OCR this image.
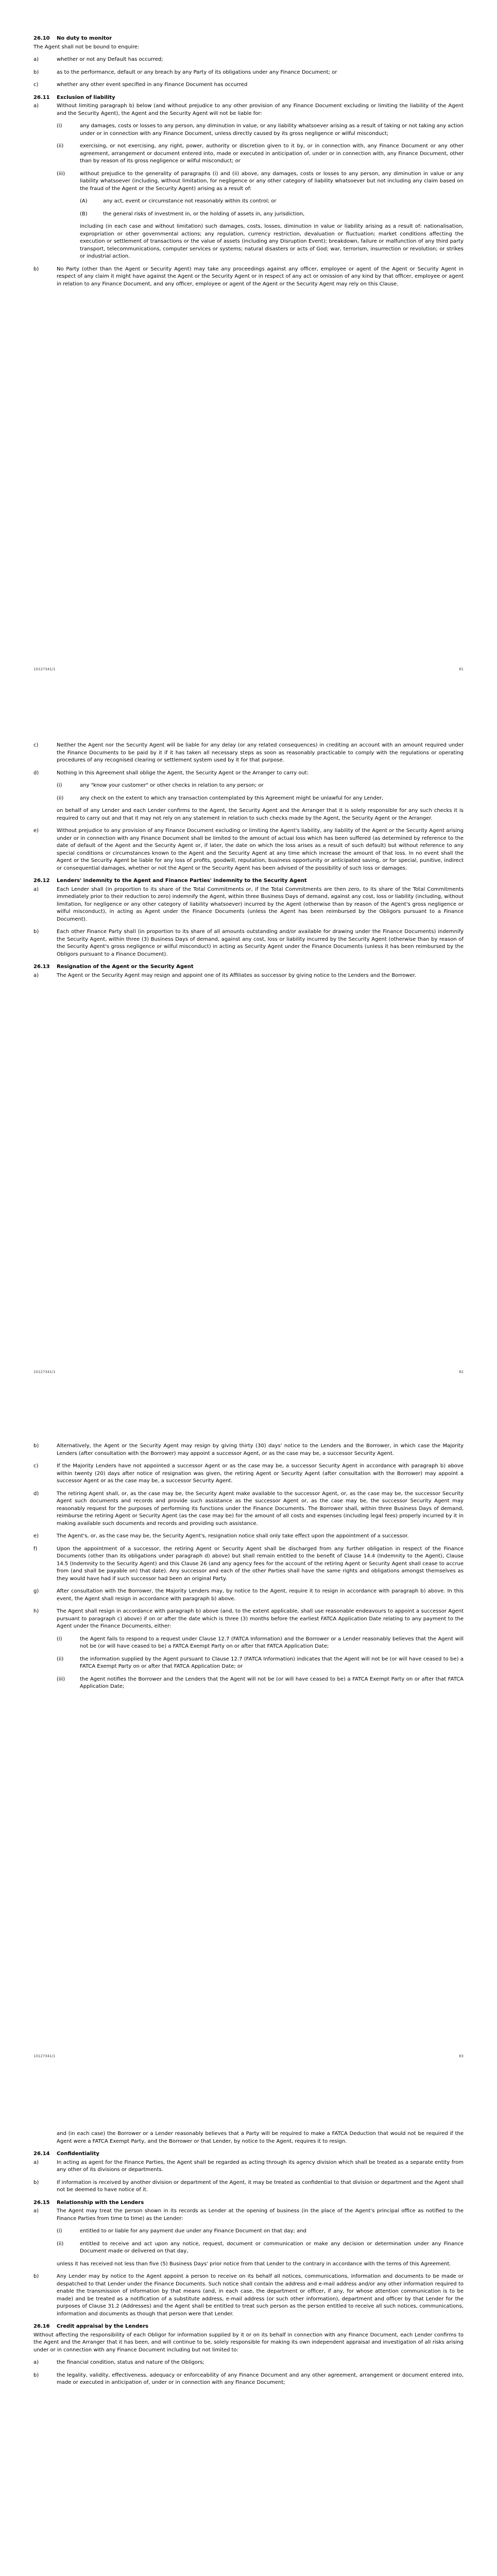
26.10	No duty to monitor
The Agent shall not be bound to enquire:
a)	whether or not any Default has occurred;
b)	as to the performance, default or any breach by any Party of its obligations under any Finance Document; or
c)	whether any other event specified in any Finance Document has occurred
26.11	Exclusion of liability
a)	Without limiting paragraph b) below (and without prejudice to any other provision of any Finance Document excluding or limiting the liability of the Agent and the Security Agent), the Agent and the Security Agent will not be liable for:
(i)	any damages, costs or losses to any person, any diminution in value, or any liability whatsoever arising as a result of taking or not taking any action under or in connection with any Finance Document, unless directly caused by its gross negligence or wilful misconduct;
(ii)	exercising, or not exercising, any right, power, authority or discretion given to it by, or in connection with, any Finance Document or any other agreement, arrangement or document entered into, made or executed in anticipation of, under or in connection with, any Finance Document, other than by reason of its gross negligence or wilful misconduct; or
(iii)	without prejudice to the generality of paragraphs (i) and (ii) above, any damages, costs or losses to any person, any diminution in value or any liability whatsoever (including, without limitation, for negligence or any other category of liability whatsoever but not including any claim based on the fraud of the Agent or the Security Agent) arising as a result of:
(A)	any act, event or circumstance not reasonably within its control; or
(B)	the general risks of investment in, or the holding of assets in, any jurisdiction,
including (in each case and without limitation) such damages, costs, losses, diminution in value or liability arising as a result of: nationalisation, expropriation or other governmental actions; any regulation, currency restriction, devaluation or fluctuation; market conditions affecting the execution or settlement of transactions or the value of assets (including any Disruption Event); breakdown, failure or malfunction of any third party transport, telecommunications, computer services or systems; natural disasters or acts of God; war, terrorism, insurrection or revolution; or strikes or industrial action.
b)	No Party (other than the Agent or Security Agent) may take any proceedings against any officer, employee or agent of the Agent or Security Agent in respect of any claim it might have against the Agent or the Security Agent or in respect of any act or omission of any kind by that officer, employee or agent in relation to any Finance Document, and any officer, employee or agent of the Agent or the Security Agent may rely on this Clause.
10127341/1	81
c)	Neither the Agent nor the Security Agent will be liable for any delay (or any related consequences) in crediting an account with an amount required under the Finance Documents to be paid by it if it has taken all necessary steps as soon as reasonably practicable to comply with the regulations or operating procedures of any recognised clearing or settlement system used by it for that purpose.
d)	Nothing in this Agreement shall oblige the Agent, the Security Agent or the Arranger to carry out:
(i)	any "know your customer" or other checks in relation to any person; or
(ii)	any check on the extent to which any transaction contemplated by this Agreement might be unlawful for any Lender,
on behalf of any Lender and each Lender confirms to the Agent, the Security Agent and the Arranger that it is solely responsible for any such checks it is required to carry out and that it may not rely on any statement in relation to such checks made by the Agent, the Security Agent or the Arranger.
e)	Without prejudice to any provision of any Finance Document excluding or limiting the Agent's liability, any liability of the Agent or the Security Agent arising under or in connection with any Finance Document shall be limited to the amount of actual loss which has been suffered (as determined by reference to the date of default of the Agent and the Security Agent or, if later, the date on which the loss arises as a result of such default) but without reference to any special conditions or circumstances known to the Agent and the Security Agent at any time which increase the amount of that loss. In no event shall the Agent or the Security Agent be liable for any loss of profits, goodwill, reputation, business opportunity or anticipated saving, or for special, punitive, indirect or consequential damages, whether or not the Agent or the Security Agent has been advised of the possibility of such loss or damages.
26.12	Lenders' indemnity to the Agent and Finance Parties' indemnity to the Security Agent
a)	Each Lender shall (in proportion to its share of the Total Commitments or, if the Total Commitments are then zero, to its share of the Total Commitments immediately prior to their reduction to zero) indemnify the Agent, within three Business Days of demand, against any cost, loss or liability (including, without limitation, for negligence or any other category of liability whatsoever) incurred by the Agent (otherwise than by reason of the Agent's gross negligence or wilful misconduct), in acting as Agent under the Finance Documents (unless the Agent has been reimbursed by the Obligors pursuant to a Finance Document).
b)	Each other Finance Party shall (in proportion to its share of all amounts outstanding and/or available for drawing under the Finance Documents) indemnify the Security Agent, within three (3) Business Days of demand, against any cost, loss or liability incurred by the Security Agent (otherwise than by reason of the Security Agent's gross negligence or wilful misconduct) in acting as Security Agent under the Finance Documents (unless it has been reimbursed by the Obligors pursuant to a Finance Document).
26.13	Resignation of the Agent or the Security Agent
a)	The Agent or the Security Agent may resign and appoint one of its Affiliates as successor by giving notice to the Lenders and the Borrower.
10127341/1	82
b)	Alternatively, the Agent or the Security Agent may resign by giving thirty (30) days' notice to the Lenders and the Borrower, in which case the Majority Lenders (after consultation with the Borrower) may appoint a successor Agent, or as the case may be, a successor Security Agent.
c)	If the Majority Lenders have not appointed a successor Agent or as the case may be, a successor Security Agent in accordance with paragraph b) above within twenty (20) days after notice of resignation was given, the retiring Agent or Security Agent (after consultation with the Borrower) may appoint a successor Agent or as the case may be, a successor Security Agent.
d)	The retiring Agent shall, or, as the case may be, the Security Agent make available to the successor Agent, or, as the case may be, the successor Security Agent such documents and records and provide such assistance as the successor Agent or, as the case may be, the successor Security Agent may reasonably request for the purposes of performing its functions under the Finance Documents. The Borrower shall, within three Business Days of demand, reimburse the retiring Agent or Security Agent (as the case may be) for the amount of all costs and expenses (including legal fees) properly incurred by it in making available such documents and records and providing such assistance.
e)	The Agent's, or, as the case may be, the Security Agent's, resignation notice shall only take effect upon the appointment of a successor.
f)	Upon the appointment of a successor, the retiring Agent or Security Agent shall be discharged from any further obligation in respect of the Finance Documents (other than its obligations under paragraph d) above) but shall remain entitled to the benefit of Clause 14.4 (Indemnity to the Agent), Clause 14.5 (Indemnity to the Security Agent) and this Clause 26 (and any agency fees for the account of the retiring Agent or Security Agent shall cease to accrue from (and shall be payable on) that date). Any successor and each of the other Parties shall have the same rights and obligations amongst themselves as they would have had if such successor had been an original Party.
g)	After consultation with the Borrower, the Majority Lenders may, by notice to the Agent, require it to resign in accordance with paragraph b) above. In this event, the Agent shall resign in accordance with paragraph b) above.
h)	The Agent shall resign in accordance with paragraph b) above (and, to the extent applicable, shall use reasonable endeavours to appoint a successor Agent pursuant to paragraph c) above) if on or after the date which is three (3) months before the earliest FATCA Application Date relating to any payment to the Agent under the Finance Documents, either:
(i)	the Agent fails to respond to a request under Clause 12.7 (FATCA Information) and the Borrower or a Lender reasonably believes that the Agent will not be (or will have ceased to be) a FATCA Exempt Party on or after that FATCA Application Date;
(ii)	the information supplied by the Agent pursuant to Clause 12.7 (FATCA Information) indicates that the Agent will not be (or will have ceased to be) a FATCA Exempt Party on or after that FATCA Application Date; or
(iii)	the Agent notifies the Borrower and the Lenders that the Agent will not be (or will have ceased to be) a FATCA Exempt Party on or after that FATCA Application Date;
10127341/1	83
and (in each case) the Borrower or a Lender reasonably believes that a Party will be required to make a FATCA Deduction that would not be required if the Agent were a FATCA Exempt Party, and the Borrower or that Lender, by notice to the Agent, requires it to resign.
26.14	Confidentiality
a)	In acting as agent for the Finance Parties, the Agent shall be regarded as acting through its agency division which shall be treated as a separate entity from any other of its divisions or departments.
b)	If information is received by another division or department of the Agent, it may be treated as confidential to that division or department and the Agent shall not be deemed to have notice of it.
26.15	Relationship with the Lenders
a)	The Agent may treat the person shown in its records as Lender at the opening of business (in the place of the Agent's principal office as notified to the Finance Parties from time to time) as the Lender:
(i)	entitled to or liable for any payment due under any Finance Document on that day; and
(ii)	entitled to receive and act upon any notice, request, document or communication or make any decision or determination under any Finance Document made or delivered on that day,
unless it has received not less than five (5) Business Days' prior notice from that Lender to the contrary in accordance with the terms of this Agreement.
b)	Any Lender may by notice to the Agent appoint a person to receive on its behalf all notices, communications, information and documents to be made or despatched to that Lender under the Finance Documents. Such notice shall contain the address and e-mail address and/or any other information required to enable the transmission of information by that means (and, in each case, the department or officer, if any, for whose attention communication is to be made) and be treated as a notification of a substitute address, e-mail address (or such other information), department and officer by that Lender for the purposes of Clause 31.2 (Addresses) and the Agent shall be entitled to treat such person as the person entitled to receive all such notices, communications, information and documents as though that person were that Lender.
26.16	Credit appraisal by the Lenders
Without affecting the responsibility of each Obligor for information supplied by it or on its behalf in connection with any Finance Document, each Lender confirms to the Agent and the Arranger that it has been, and will continue to be, solely responsible for making its own independent appraisal and investigation of all risks arising under or in connection with any Finance Document including but not limited to:
a)	the financial condition, status and nature of the Obligors;
b)	the legality, validity, effectiveness, adequacy or enforceability of any Finance Document and any other agreement, arrangement or document entered into, made or executed in anticipation of, under or in connection with any Finance Document;
